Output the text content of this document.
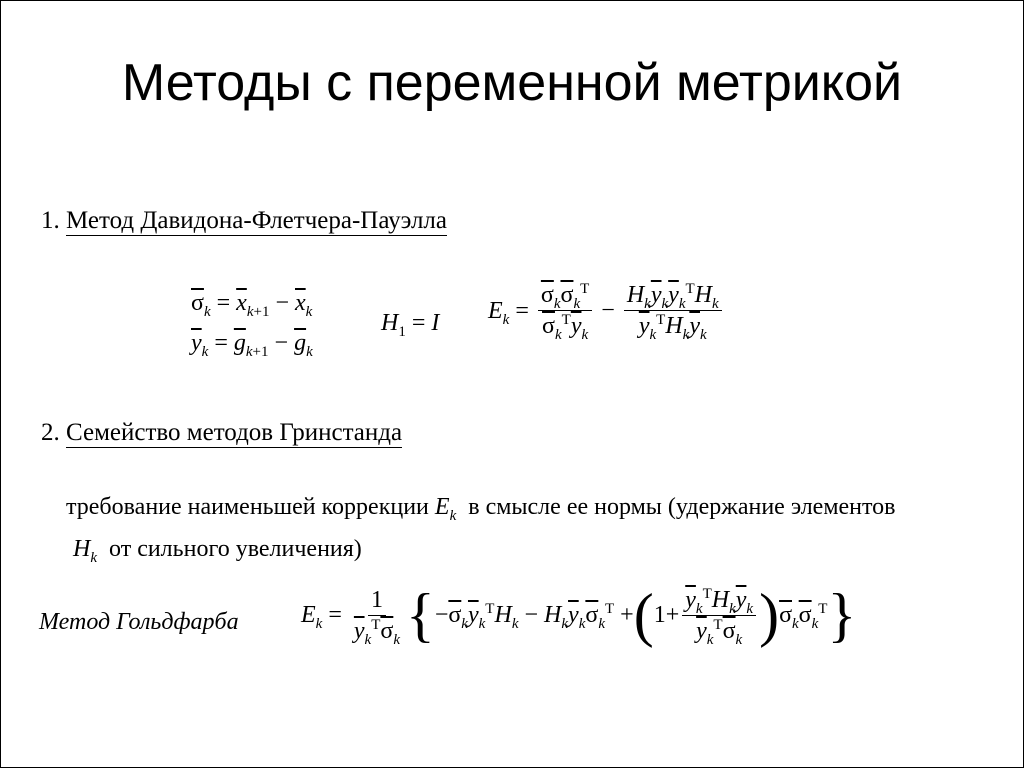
Методы с переменной метрикой
1. Метод Давидона-Флетчера-Пауэлла
$\overline{\sigma}_k = \overline{x}_{k+1} - \overline{x}_k$
$\overline{y}_k = \overline{g}_{k+1} - \overline{g}_k$
$H_1 = I$ $E_k = \frac{\overline{\sigma}_k\overline{\sigma}_k^T}{\overline{\sigma}_k^T\overline{y}_k} - \frac{H_k\overline{y}_k\overline{y}_k^TH_k}{\overline{y}_k^TH_k\overline{y}_k}$
2. Семейство методов Гринстанда
требование наименьшей коррекции $E_k$ в смысле ее нормы (удержание элементов
$H_k$ от сильного увеличения)
Метод Гольдфарба	$E_k = \frac{1}{\overline{y}_k^T\overline{\sigma}_k} \{-\overline{\sigma}_k\overline{y}_k^TH_k - H_k\overline{y}_k\overline{\sigma}_k^T +(1+ \frac{\overline{y}_k^TH_k\overline{y}_k}{\overline{y}_k^T\overline{\sigma}_k} )\overline{\sigma}_k\overline{\sigma}_k^T\}$
